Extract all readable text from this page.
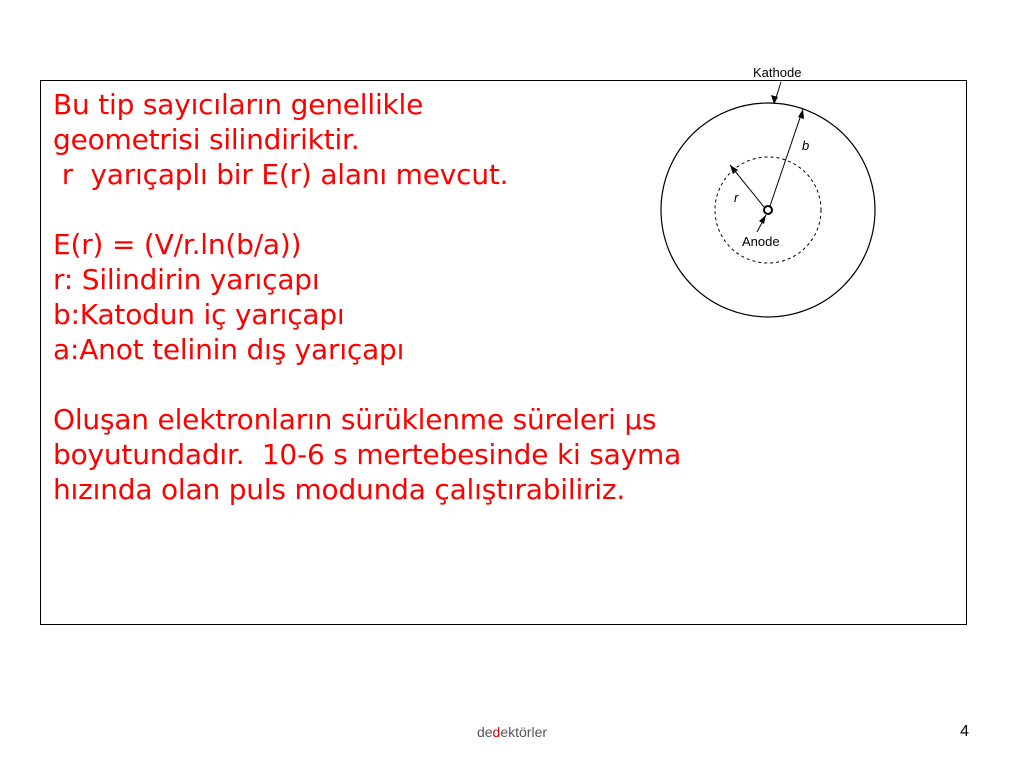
Bu tip sayıcıların genellikle
geometrisi silindiriktir.
r  yarıçaplı bir E(r) alanı mevcut.
E(r) = (V/r.ln(b/a))
r: Silindirin yarıçapı
b:Katodun iç yarıçapı
a:Anot telinin dış yarıçapı
Oluşan elektronların sürüklenme süreleri μs
boyutundadır.  10-6 s mertebesinde ki sayma
hızında olan puls modunda çalıştırabiliriz.
Kathode
b
r
Anode
dedektörler	4
